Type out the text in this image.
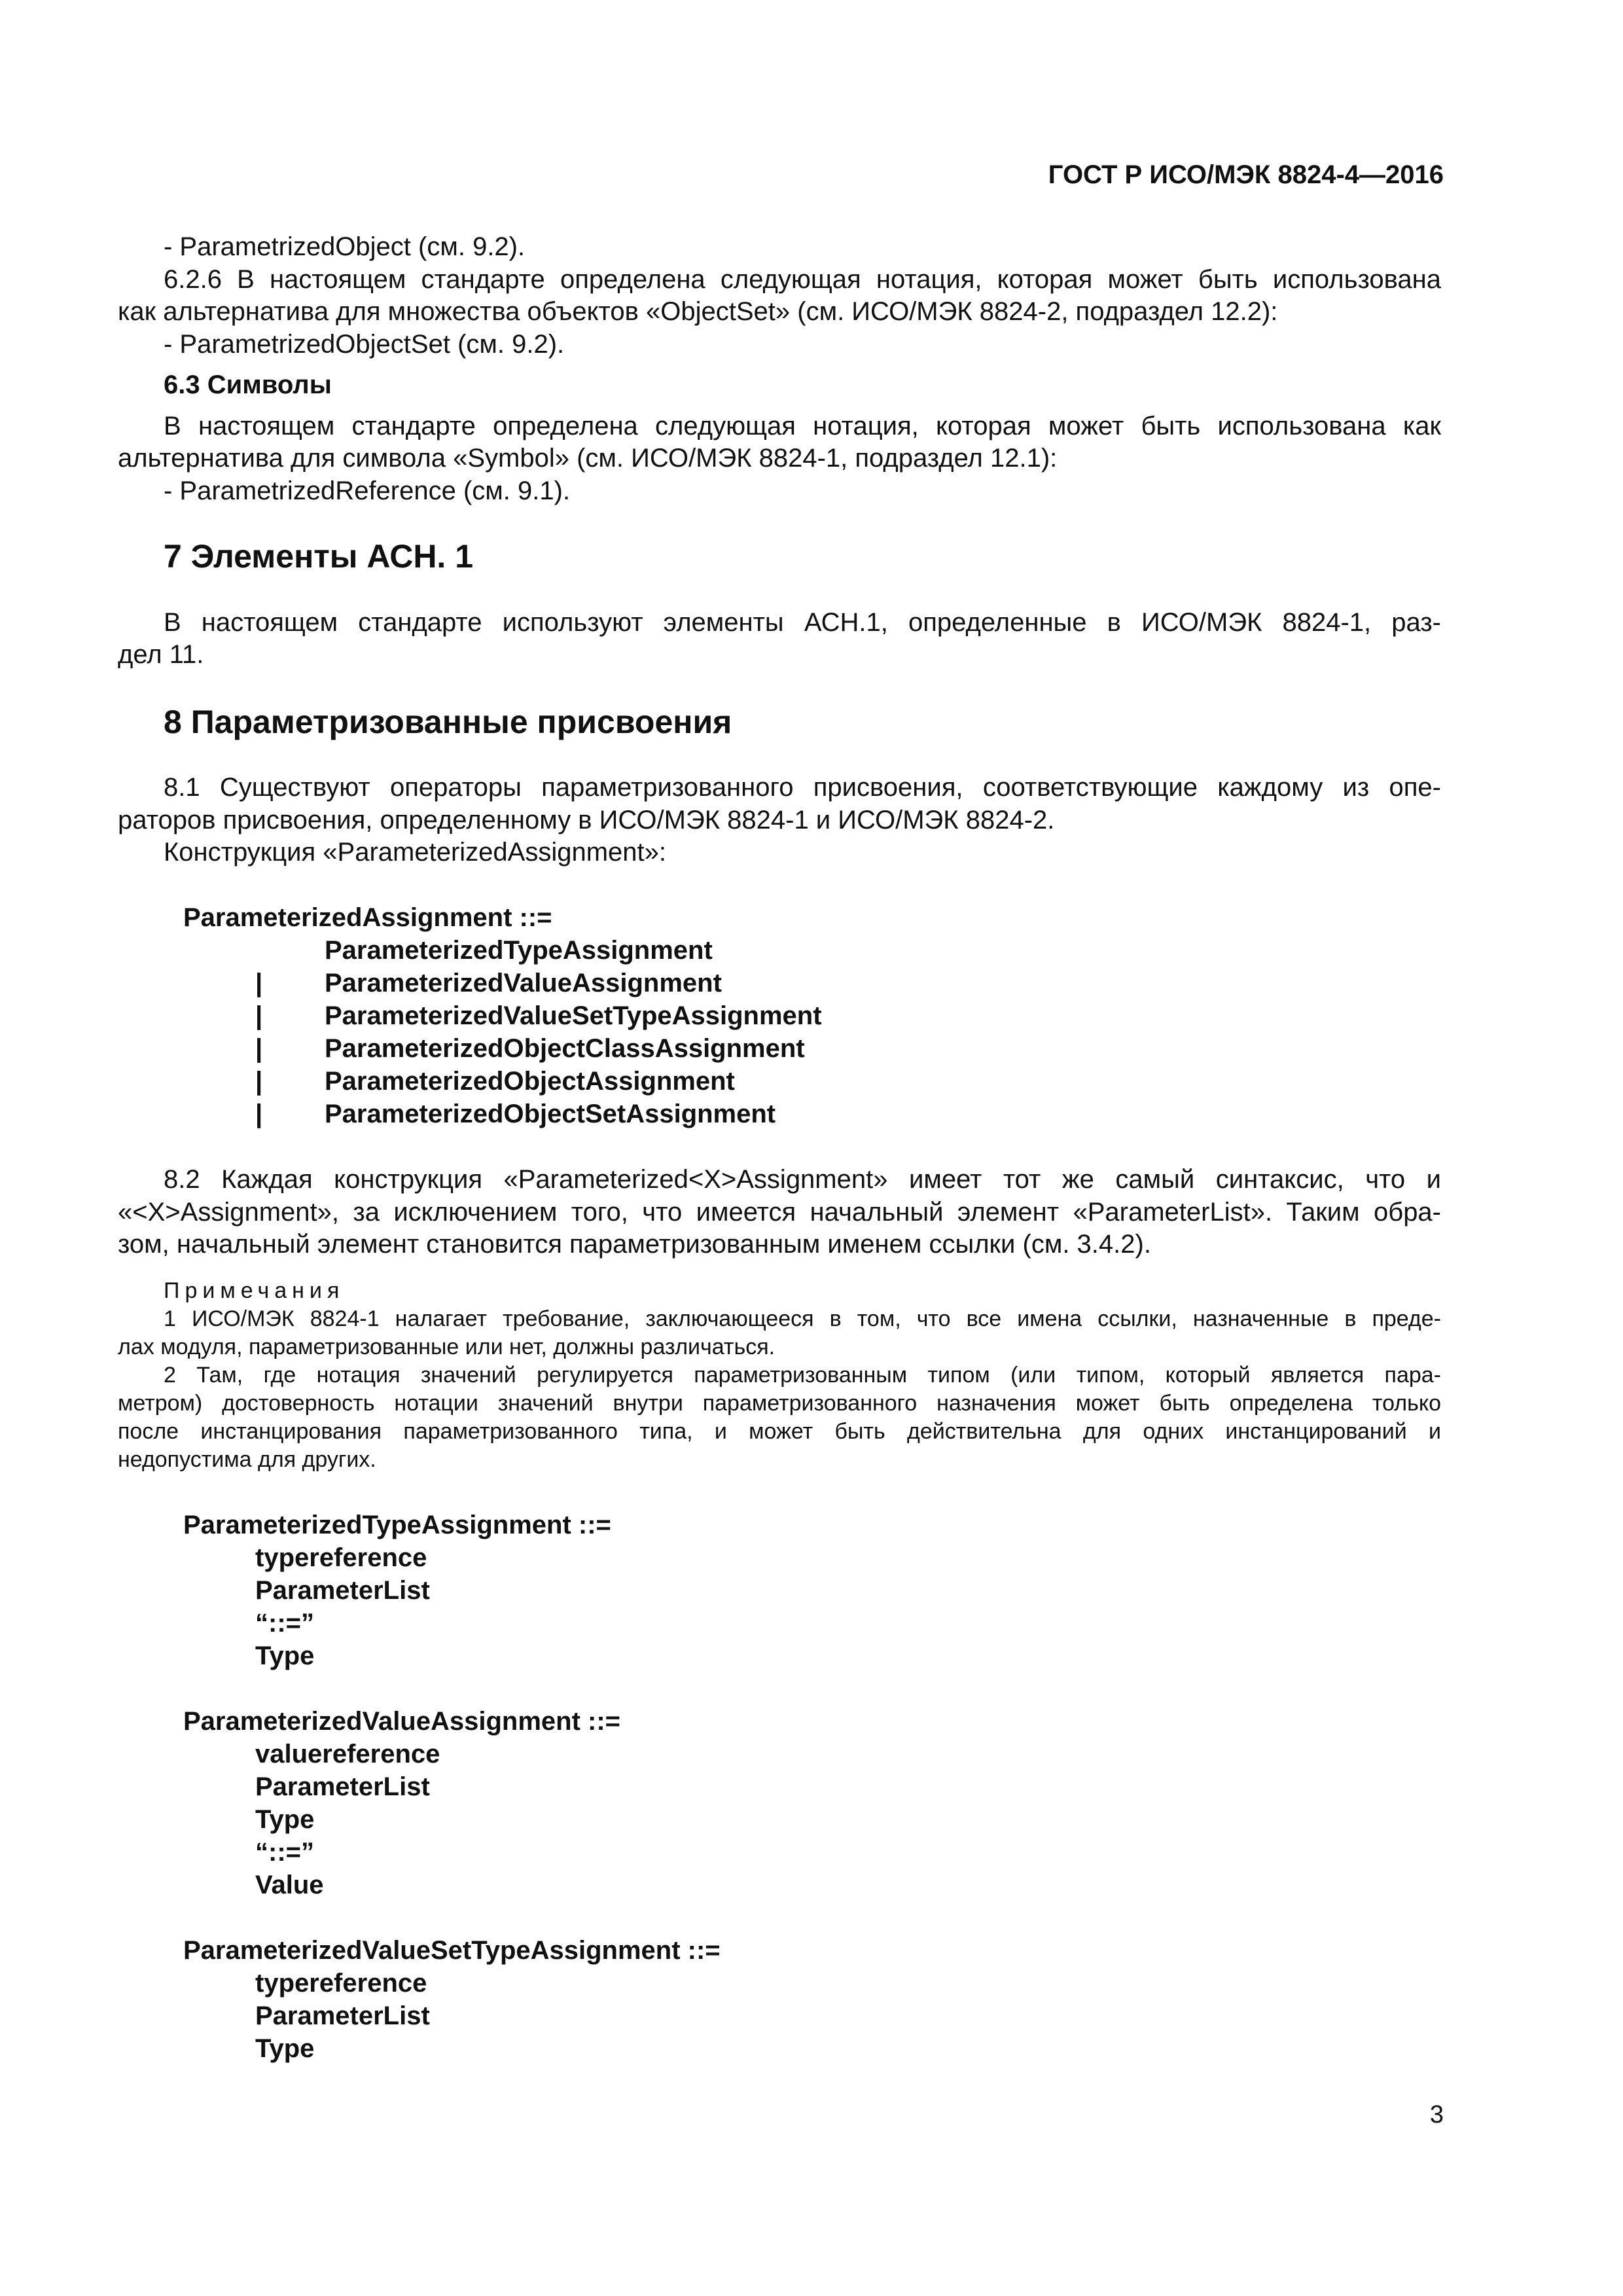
ГОСТ Р ИСО/МЭК 8824-4—2016
- ParametrizedObject (см. 9.2).
6.2.6 В настоящем стандарте определена следующая нотация, которая может быть использована
как альтернатива для множества объектов «ObjectSet» (см. ИСО/МЭК 8824-2, подраздел 12.2):
- ParametrizedObjectSet (см. 9.2).
6.3 Символы
В настоящем стандарте определена следующая нотация, которая может быть использована как
альтернатива для символа «Symbol» (см. ИСО/МЭК 8824-1, подраздел 12.1):
- ParametrizedReference (см. 9.1).
7 Элементы АСН. 1
В настоящем стандарте используют элементы АСН.1, определенные в ИСО/МЭК 8824-1, раз-
дел 11.
8 Параметризованные присвоения
8.1 Существуют операторы параметризованного присвоения, соответствующие каждому из опе-
раторов присвоения, определенному в ИСО/МЭК 8824-1 и ИСО/МЭК 8824-2.
Конструкция «ParameterizedAssignment»:
ParameterizedAssignment ::=
ParameterizedTypeAssignment
| ParameterizedValueAssignment
| ParameterizedValueSetTypeAssignment
| ParameterizedObjectClassAssignment
| ParameterizedObjectAssignment
| ParameterizedObjectSetAssignment
8.2 Каждая конструкция «Parameterized<X>Assignment» имеет тот же самый синтаксис, что и
«<X>Assignment», за исключением того, что имеется начальный элемент «ParameterList». Таким обра-
зом, начальный элемент становится параметризованным именем ссылки (см. 3.4.2).
Примечания
1 ИСО/МЭК 8824-1 налагает требование, заключающееся в том, что все имена ссылки, назначенные в преде-
лах модуля, параметризованные или нет, должны различаться.
2 Там, где нотация значений регулируется параметризованным типом (или типом, который является пара-
метром) достоверность нотации значений внутри параметризованного назначения может быть определена только
после инстанцирования параметризованного типа, и может быть действительна для одних инстанцирований и
недопустима для других.
ParameterizedTypeAssignment ::=
typereference
ParameterList
“::=”
Type
ParameterizedValueAssignment ::=
valuereference
ParameterList
Type
“::=”
Value
ParameterizedValueSetTypeAssignment ::=
typereference
ParameterList
Type
3
